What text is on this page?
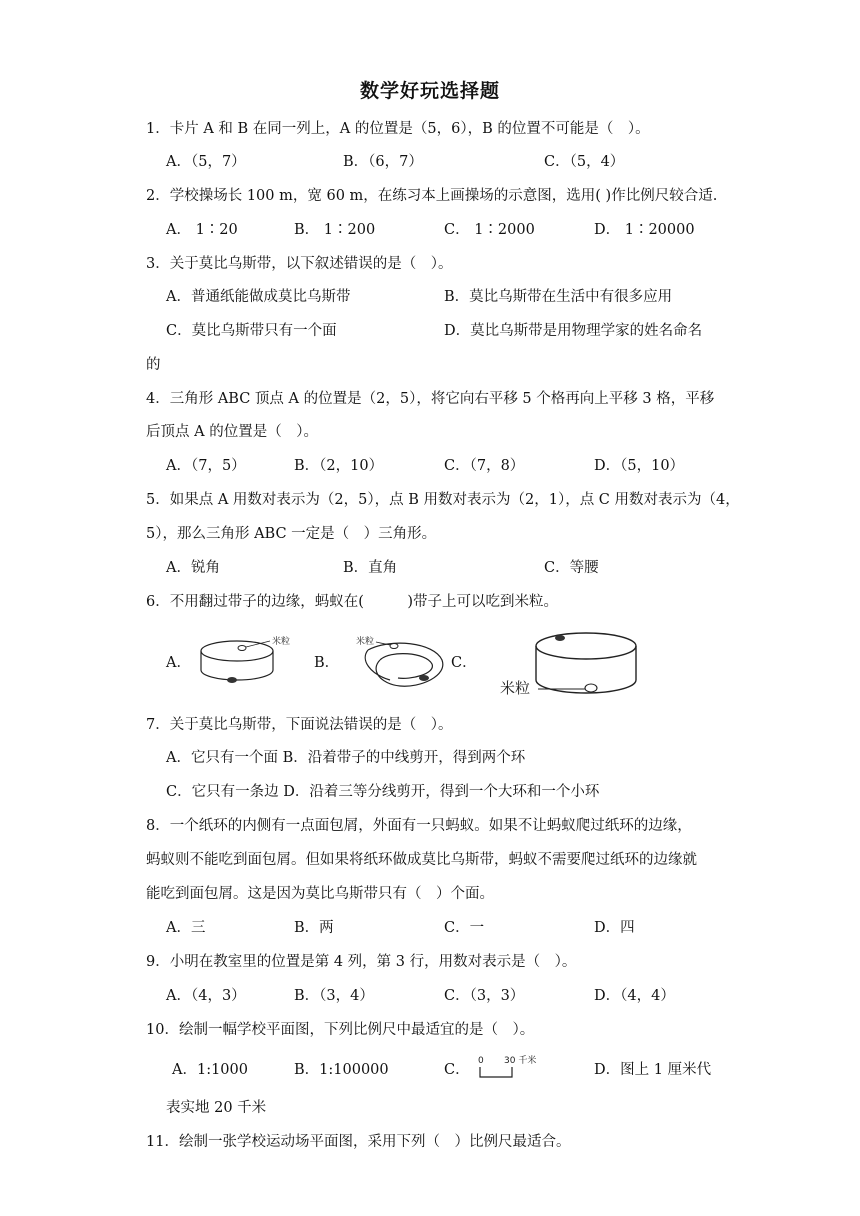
数学好玩选择题
1．卡片 A 和 B 在同一列上，A 的位置是（5，6），B 的位置不可能是（　）。
A．（5，7）	B．（6，7）	C．（5，4）
2．学校操场长 100 m，宽 60 m，在练习本上画操场的示意图，选用( )作比例尺较合适.
A． 1∶20	B． 1∶200	C． 1∶2000	D． 1∶20000
3．关于莫比乌斯带，以下叙述错误的是（　）。
A．普通纸能做成莫比乌斯带	B．莫比乌斯带在生活中有很多应用
C．莫比乌斯带只有一个面	D．莫比乌斯带是用物理学家的姓名命名
的
4．三角形 ABC 顶点 A 的位置是（2，5），将它向右平移 5 个格再向上平移 3 格，平移
后顶点 A 的位置是（　）。
A．（7，5）	B．（2，10）	C．（7，8）	D．（5，10）
5．如果点 A 用数对表示为（2，5），点 B 用数对表示为（2，1），点 C 用数对表示为（4，
5），那么三角形 ABC 一定是（　）三角形。
A．锐角	B．直角	C．等腰
6．不用翻过带子的边缘，蚂蚁在(　　　)带子上可以吃到米粒。
A．	B．	C．
米粒	米粒
米粒
7．关于莫比乌斯带，下面说法错误的是（　）。
A．它只有一个面 B．沿着带子的中线剪开，得到两个环
C．它只有一条边 D．沿着三等分线剪开，得到一个大环和一个小环
8．一个纸环的内侧有一点面包屑，外面有一只蚂蚁。如果不让蚂蚁爬过纸环的边缘，
蚂蚁则不能吃到面包屑。但如果将纸环做成莫比乌斯带，蚂蚁不需要爬过纸环的边缘就
能吃到面包屑。这是因为莫比乌斯带只有（　）个面。
A．三	B．两	C．一	D．四
9．小明在教室里的位置是第 4 列，第 3 行，用数对表示是（　）。
A．（4，3）	B．（3，4）	C．（3，3）	D．（4，4）
10．绘制一幅学校平面图，下列比例尺中最适宜的是（　）。
A．1:1000	B．1:100000	C．
0 30 千米
D．图上 1 厘米代
表实地 20 千米
11．绘制一张学校运动场平面图，采用下列（　）比例尺最适合。
